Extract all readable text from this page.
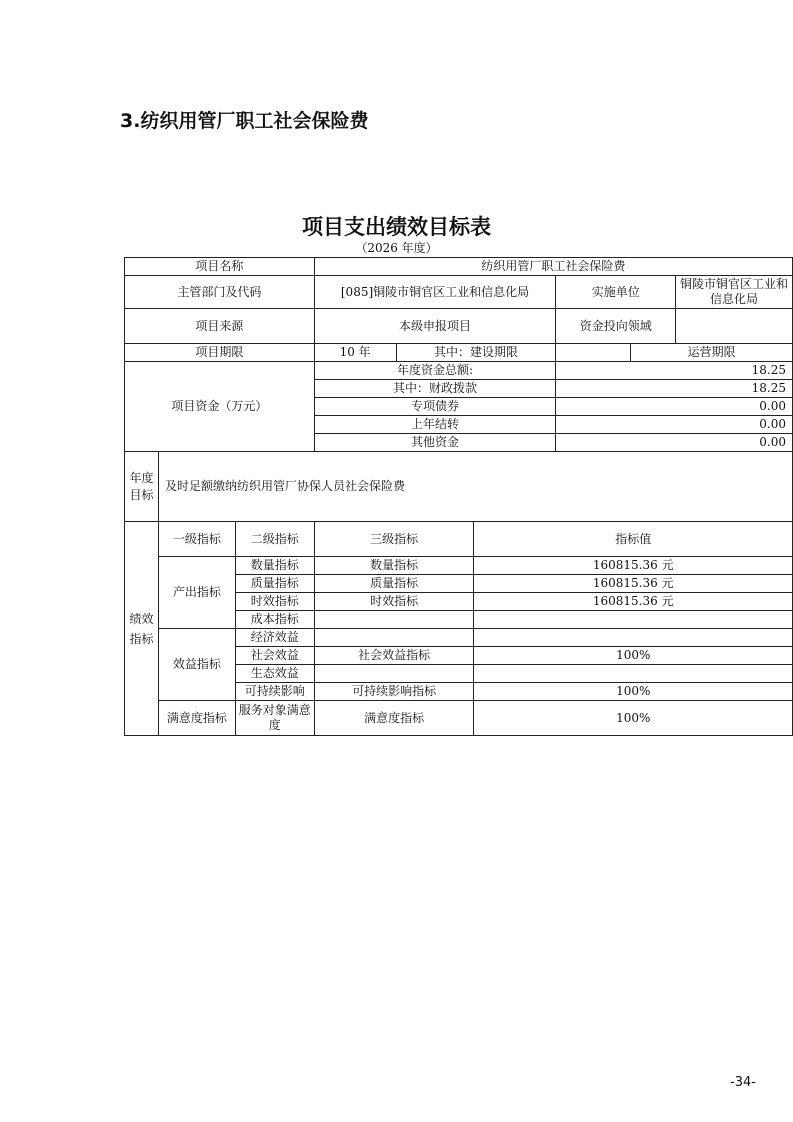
3.纺织用管厂职工社会保险费
项目支出绩效目标表
（2026 年度）
项目名称			纺织用管厂职工社会保险费					
主管部门及代码			[085]铜陵市铜官区工业和信息化局			实施单位		铜陵市铜官区工业和信息化局
项目来源			本级申报项目			资金投向领域		
项目期限			10 年	其中：建设期限			运营期限	
项目资金（万元）			年度资金总额:			18.25		
			其中：财政拨款			18.25		
			专项债券			0.00		
			上年结转			0.00		
			其他资金			0.00		
年度目标	及时足额缴纳纺织用管厂协保人员社会保险费							
绩效指标	一级指标	二级指标	三级指标		指标值			
	产出指标	数量指标	数量指标		160815.36 元			
		质量指标	质量指标		160815.36 元			
		时效指标	时效指标		160815.36 元			
		成本指标						
	效益指标	经济效益						
		社会效益	社会效益指标		100%			
		生态效益						
		可持续影响	可持续影响指标		100%			
	满意度指标	服务对象满意度	满意度指标		100%			
-34-
